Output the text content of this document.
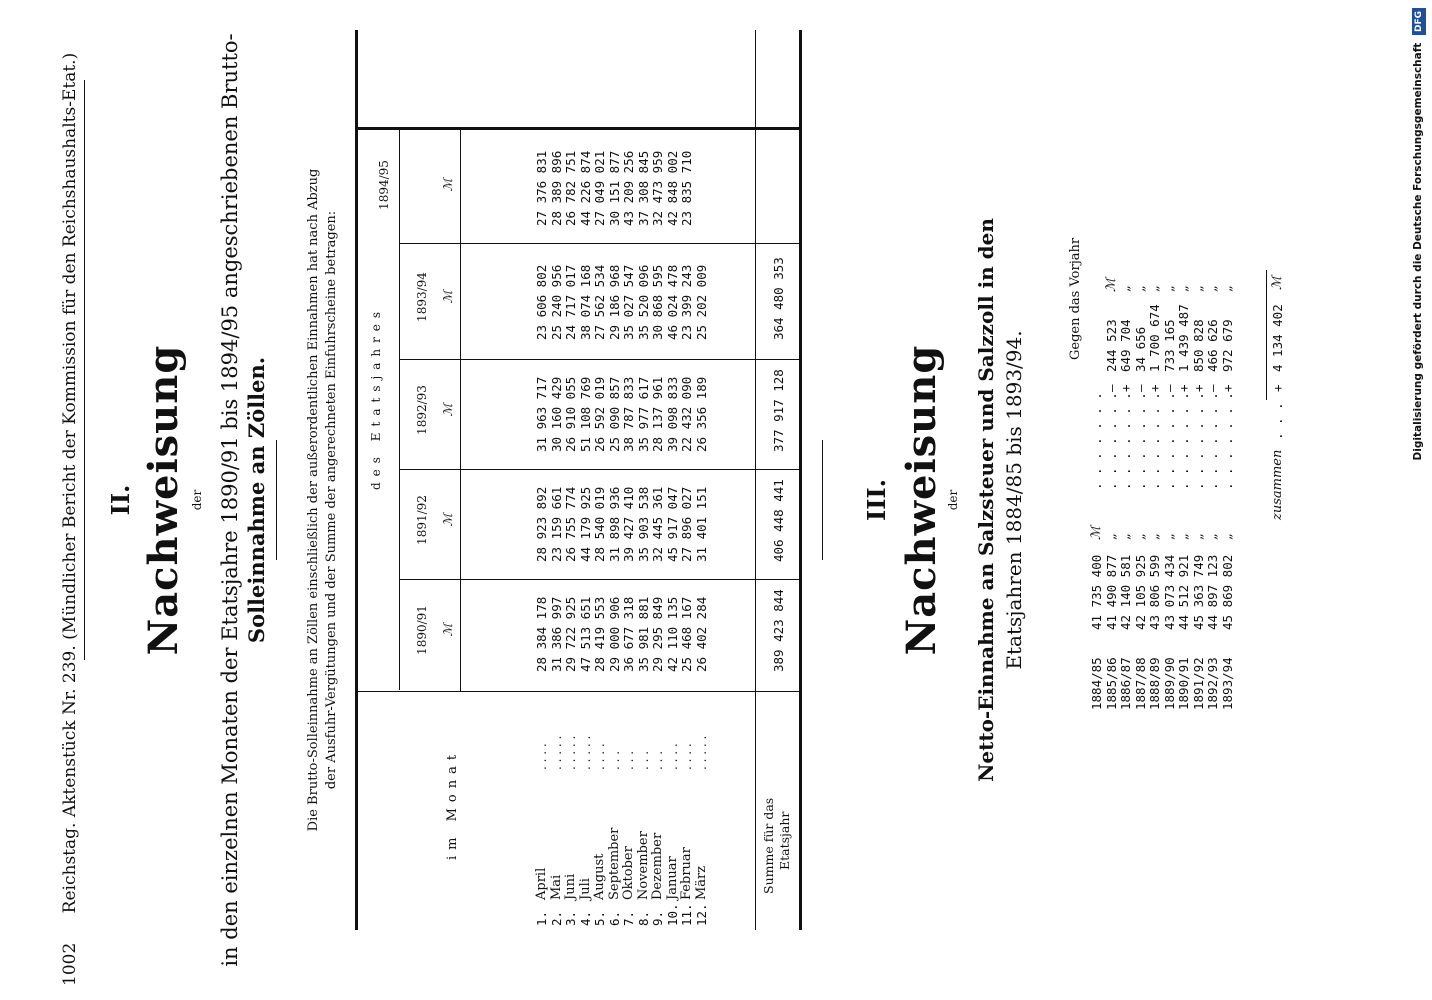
1002 Reichstag. Aktenstück Nr. 239. (Mündlicher Bericht der Kommission für den Reichshaushalts-Etat.) II. Nachweisung der in den einzelnen Monaten der Etatsjahre 1890/91 bis 1894/95 angeschriebenen Brutto- Solleinnahme an Zöllen.	Die Brutto-Solleinnahme an Zöllen einschließlich der außerordentlichen Einnahmen hat nach Abzug der Ausfuhr-Vergütungen und der Summe der angerechneten Einfuhrscheine betragen:
im Monat
des Etatsjahres
1890/91
1891/92
1892/93
1893/94
1894/95
ℳ
ℳ
ℳ
ℳ
ℳ
1.
April
. . . .
28 384 178
28 923 892
31 963 717
23 606 802
27 376 831
2.
Mai
. . . . .
31 386 997
23 159 661
30 160 429
25 240 956
28 389 896
3.
Juni
. . . . .
29 722 925
26 755 774
26 910 055
24 717 017
26 782 751
4.
Juli
. . . . .
47 513 651
44 179 925
51 108 769
38 074 168
44 226 874
5.
August
. . . .
28 419 553
28 540 019
26 592 019
27 562 534
27 049 021
6.
September
. . .
29 000 906
31 898 936
25 090 857
29 186 968
30 151 877
7.
Oktober
. . .
36 677 318
39 427 410
38 787 833
35 027 547
43 209 256
8.
November
. . .
35 981 881
35 903 538
35 977 617
35 520 096
37 308 845
9.
Dezember
. . .
29 295 849
32 445 361
28 137 961
30 868 595
32 473 959
10.
Januar
. . . .
42 110 135
45 917 047
39 098 833
46 024 478
42 848 002
11.
Februar
. . . .
25 468 167
27 896 027
22 432 090
23 399 243
23 835 710
12.
März
. . . . .
26 402 284
31 401 151
26 356 189
25 202 009
Summe für das Etatsjahr
389 423 844
406 448 441
377 917 128
364 480 353
III. Nachweisung der Netto-Einnahme an Salzsteuer und Salzzoll in den Etatsjahren 1884/85 bis 1893/94.
Gegen das Vorjahr
1884/85
41 735 400
ℳ
. . . . . . .
1885/86
41 490 877
„
. . . . . . .
—
244 523
ℳ
1886/87
42 140 581
„
. . . . . . .
+
649 704
„
1887/88
42 105 925
„
. . . . . . .
—
34 656
„
1888/89
43 806 599
„
. . . . . . .
+
1 700 674
„
1889/90
43 073 434
„
. . . . . . .
—
733 165
„
1890/91
44 512 921
„
. . . . . . .
+
1 439 487
„
1891/92
45 363 749
„
. . . . . . .
+
850 828
„
1892/93
44 897 123
„
. . . . . . .
—
466 626
„
1893/94
45 869 802
„
. . . . . . .
+
972 679
„
zusammen
. . .
+
4 134 402
ℳ	Digitalisierung gefördert durch die Deutsche Forschungsgemeinschaft DFG
